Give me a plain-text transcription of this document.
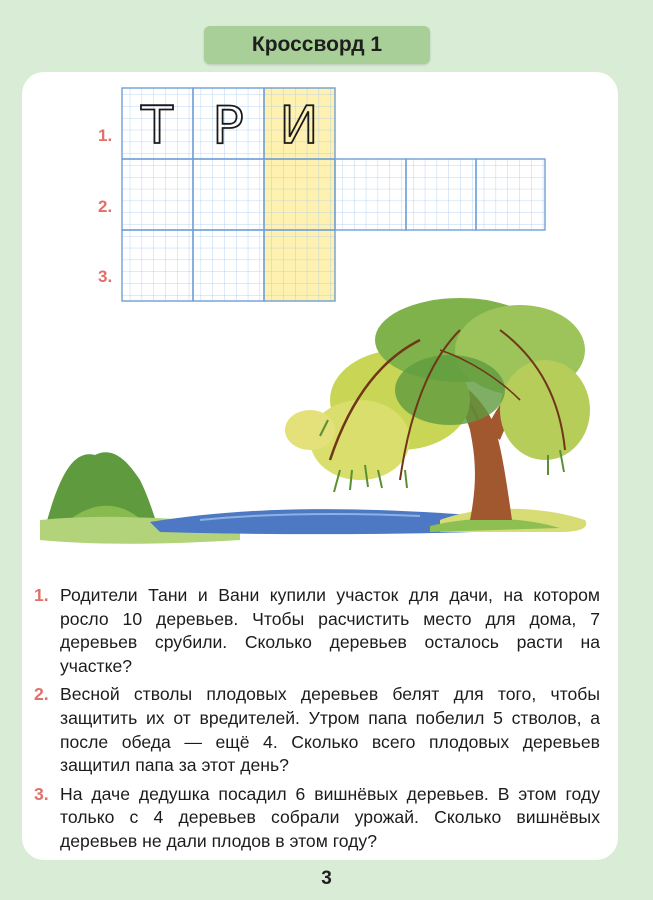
Кроссворд 1
Т Р И
1.
2.
3.
1. Родители Тани и Вани купили участок для дачи, на котором росло 10 деревьев. Чтобы расчистить место для дома, 7 деревьев срубили. Сколько деревьев осталось расти на участке?
2. Весной стволы плодовых деревьев белят для того, чтобы защитить их от вредителей. Утром папа побелил 5 стволов, а после обеда — ещё 4. Сколько всего плодовых деревьев защитил папа за этот день?
3. На даче дедушка посадил 6 вишнёвых деревьев. В этом году только с 4 деревьев собрали урожай. Сколько вишнёвых деревьев не дали плодов в этом году?
3
